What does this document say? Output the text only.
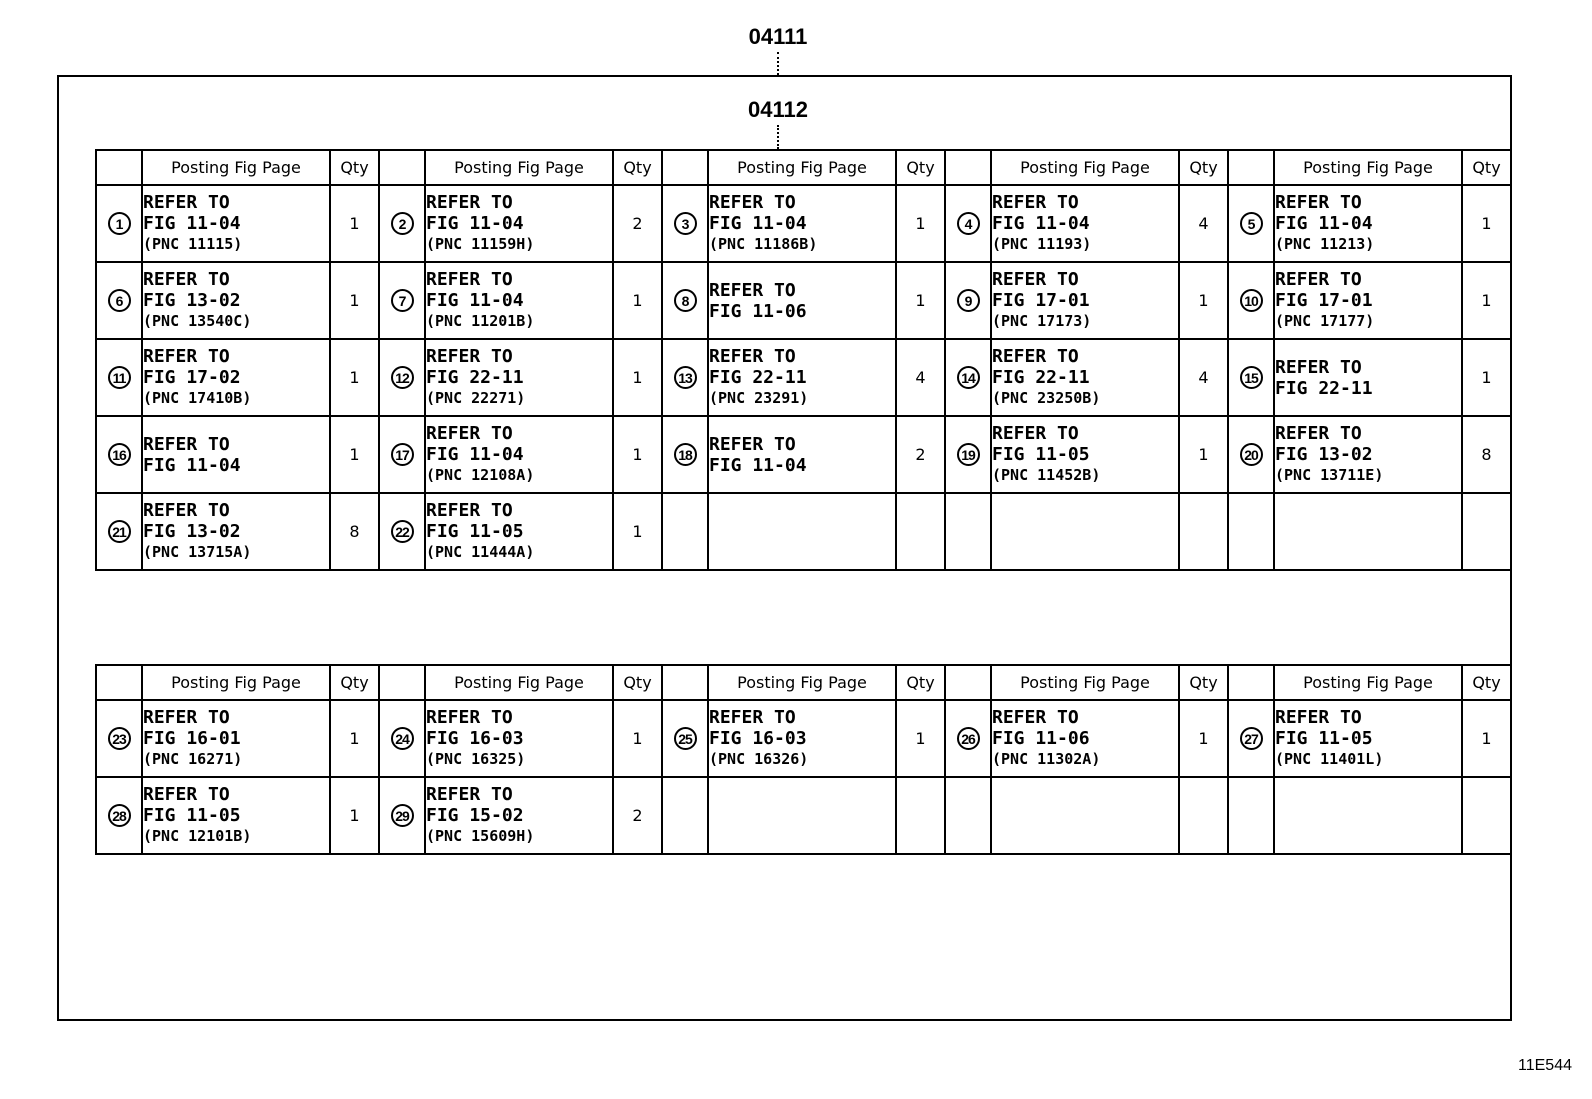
04111
04112
	Posting Fig Page	Qty		Posting Fig Page	Qty		Posting Fig Page	Qty		Posting Fig Page	Qty		Posting Fig Page	Qty
1	REFER TO
FIG 11-04
(PNC 11115)	1	2	REFER TO
FIG 11-04
(PNC 11159H)	2	3	REFER TO
FIG 11-04
(PNC 11186B)	1	4	REFER TO
FIG 11-04
(PNC 11193)	4	5	REFER TO
FIG 11-04
(PNC 11213)	1
6	REFER TO
FIG 13-02
(PNC 13540C)	1	7	REFER TO
FIG 11-04
(PNC 11201B)	1	8	REFER TO
FIG 11-06	1	9	REFER TO
FIG 17-01
(PNC 17173)	1	10	REFER TO
FIG 17-01
(PNC 17177)	1
11	REFER TO
FIG 17-02
(PNC 17410B)	1	12	REFER TO
FIG 22-11
(PNC 22271)	1	13	REFER TO
FIG 22-11
(PNC 23291)	4	14	REFER TO
FIG 22-11
(PNC 23250B)	4	15	REFER TO
FIG 22-11	1
16	REFER TO
FIG 11-04	1	17	REFER TO
FIG 11-04
(PNC 12108A)	1	18	REFER TO
FIG 11-04	2	19	REFER TO
FIG 11-05
(PNC 11452B)	1	20	REFER TO
FIG 13-02
(PNC 13711E)	8
21	REFER TO
FIG 13-02
(PNC 13715A)	8	22	REFER TO
FIG 11-05
(PNC 11444A)	1									
	Posting Fig Page	Qty		Posting Fig Page	Qty		Posting Fig Page	Qty		Posting Fig Page	Qty		Posting Fig Page	Qty
23	REFER TO
FIG 16-01
(PNC 16271)	1	24	REFER TO
FIG 16-03
(PNC 16325)	1	25	REFER TO
FIG 16-03
(PNC 16326)	1	26	REFER TO
FIG 11-06
(PNC 11302A)	1	27	REFER TO
FIG 11-05
(PNC 11401L)	1
28	REFER TO
FIG 11-05
(PNC 12101B)	1	29	REFER TO
FIG 15-02
(PNC 15609H)	2									
11E544
